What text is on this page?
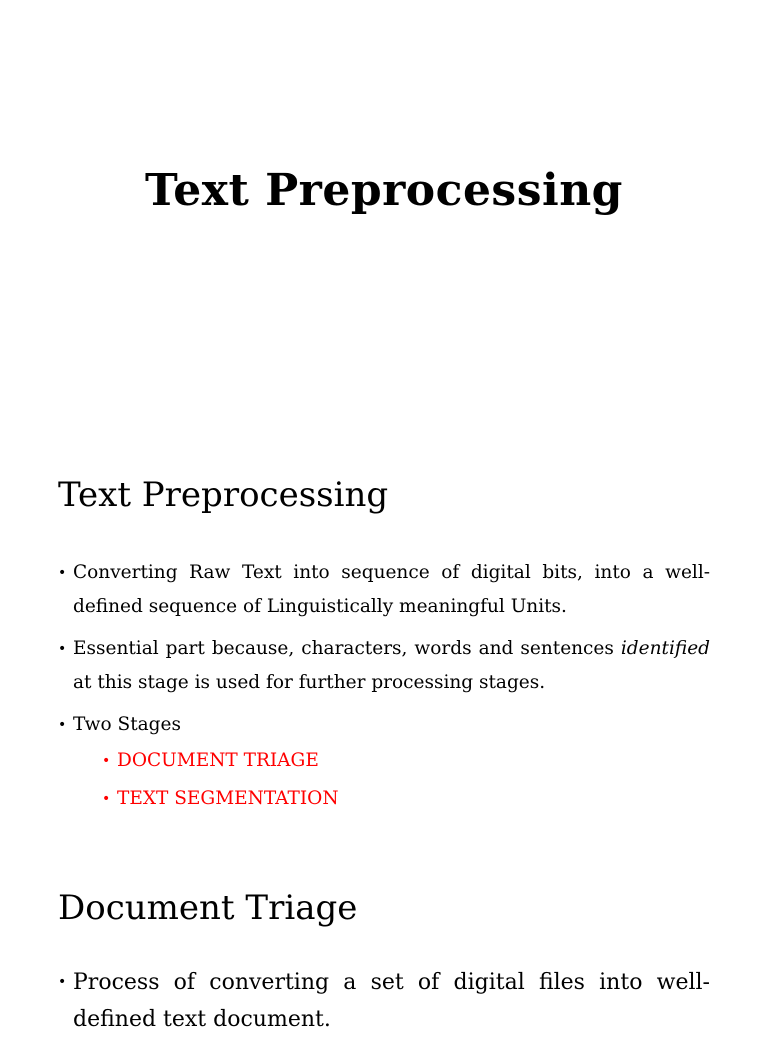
Text Preprocessing
Text Preprocessing
• Converting Raw Text into sequence of digital bits, into a well-defined sequence of Linguistically meaningful Units.
• Essential part because, characters, words and sentences identified at this stage is used for further processing stages.
• Two Stages
• DOCUMENT TRIAGE
• TEXT SEGMENTATION
Document Triage
• Process of converting a set of digital files into well-defined text document.
